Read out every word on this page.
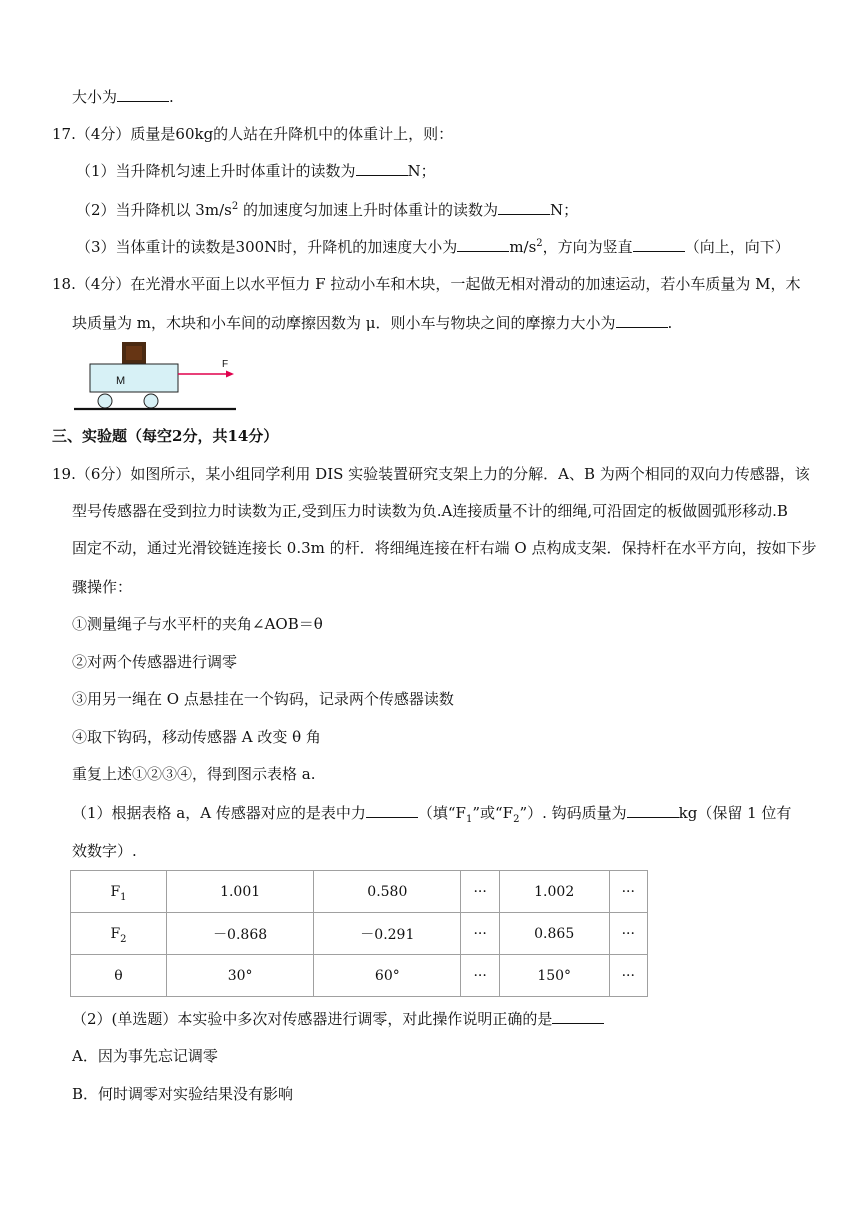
大小为	.
17.（4分）质量是60kg的人站在升降机中的体重计上，则：
（1）当升降机匀速上升时体重计的读数为	N；
（2）当升降机以 $3m/s^2$ 的加速度匀加速上升时体重计的读数为	N；
（3）当体重计的读数是300N时，升降机的加速度大小为	$m/s^2$，方向为竖直	（向上，向下）
18.（4分）在光滑水平面上以水平恒力 F 拉动小车和木块，一起做无相对滑动的加速运动，若小车质量为 M，木
块质量为 m，木块和小车间的动摩擦因数为 μ．则小车与物块之间的摩擦力大小为	.
M
F
三、实验题（每空2分，共14分）
19.（6分）如图所示，某小组同学利用 DIS 实验装置研究支架上力的分解．A、B 为两个相同的双向力传感器，该
型号传感器在受到拉力时读数为正,受到压力时读数为负.A连接质量不计的细绳,可沿固定的板做圆弧形移动.B
固定不动，通过光滑铰链连接长 0.3m 的杆．将细绳连接在杆右端 O 点构成支架．保持杆在水平方向，按如下步
骤操作：
①测量绳子与水平杆的夹角∠AOB＝θ
②对两个传感器进行调零
③用另一绳在 O 点悬挂在一个钩码，记录两个传感器读数
④取下钩码，移动传感器 A 改变 θ 角
重复上述①②③④，得到图示表格 a.
（1）根据表格 a，A 传感器对应的是表中力	（填“$F_1$”或“$F_2$”）. 钩码质量为	kg（保留 1 位有
效数字）.
$F_1$	1.001	0.580	···	1.002	···
$F_2$	－0.868	－0.291	···	0.865	···
θ	30°	60°	···	150°	···
（2）(单选题）本实验中多次对传感器进行调零，对此操作说明正确的是
A．因为事先忘记调零
B．何时调零对实验结果没有影响
